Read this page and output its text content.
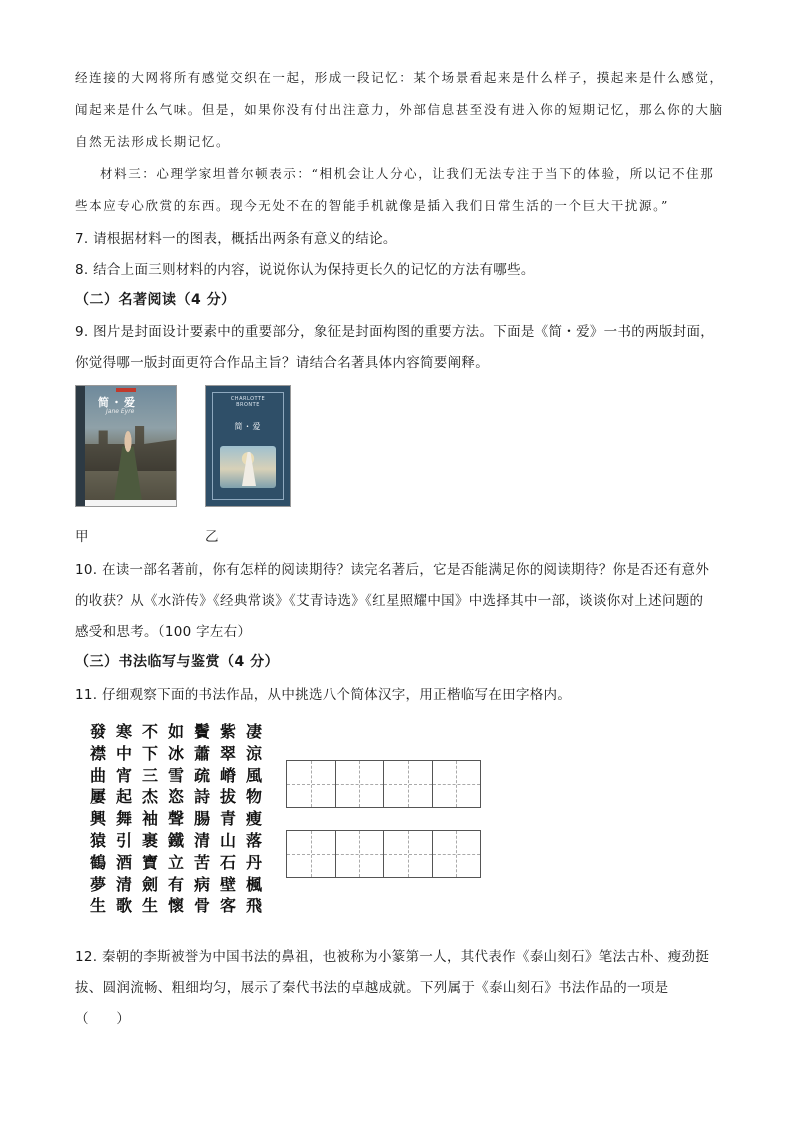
经连接的大网将所有感觉交织在一起，形成一段记忆：某个场景看起来是什么样子，摸起来是什么感觉，
闻起来是什么气味。但是，如果你没有付出注意力，外部信息甚至没有进入你的短期记忆，那么你的大脑
自然无法形成长期记忆。
材料三：心理学家坦普尔顿表示：“相机会让人分心，让我们无法专注于当下的体验，所以记不住那
些本应专心欣赏的东西。现今无处不在的智能手机就像是插入我们日常生活的一个巨大干扰源。”
7. 请根据材料一的图表，概括出两条有意义的结论。
8. 结合上面三则材料的内容，说说你认为保持更长久的记忆的方法有哪些。
（二）名著阅读（4 分）
9. 图片是封面设计要素中的重要部分，象征是封面构图的重要方法。下面是《简・爱》一书的两版封面，
你觉得哪一版封面更符合作品主旨？请结合名著具体内容简要阐释。
简・爱
Jane Eyre
CHARLOTTE BRONTE
简・爱
甲	乙
10. 在读一部名著前，你有怎样的阅读期待？读完名著后，它是否能满足你的阅读期待？你是否还有意外
的收获？从《水浒传》《经典常谈》《艾青诗选》《红星照耀中国》中选择其中一部，谈谈你对上述问题的
感受和思考。（100 字左右）
（三）书法临写与鉴赏（4 分）
11. 仔细观察下面的书法作品，从中挑选八个简体汉字，用正楷临写在田字格内。
發 寒 不 如 鬢 紫 凄
襟 中 下 冰 蕭 翠 涼
曲 宵 三 雪 疏 嵴 風
屢 起 杰 恣 詩 拔 物
興 舞 袖 聲 腸 青 瘦
猿 引 裹 鐵 清 山 落
鶴 酒 寶 立 苦 石 丹
夢 清 劍 有 病 壁 楓
生 歌 生 懷 骨 客 飛
12. 秦朝的李斯被誉为中国书法的鼻祖，也被称为小篆第一人，其代表作《泰山刻石》笔法古朴、瘦劲挺
拔、圆润流畅、粗细均匀，展示了秦代书法的卓越成就。下列属于《泰山刻石》书法作品的一项是
（　　）
